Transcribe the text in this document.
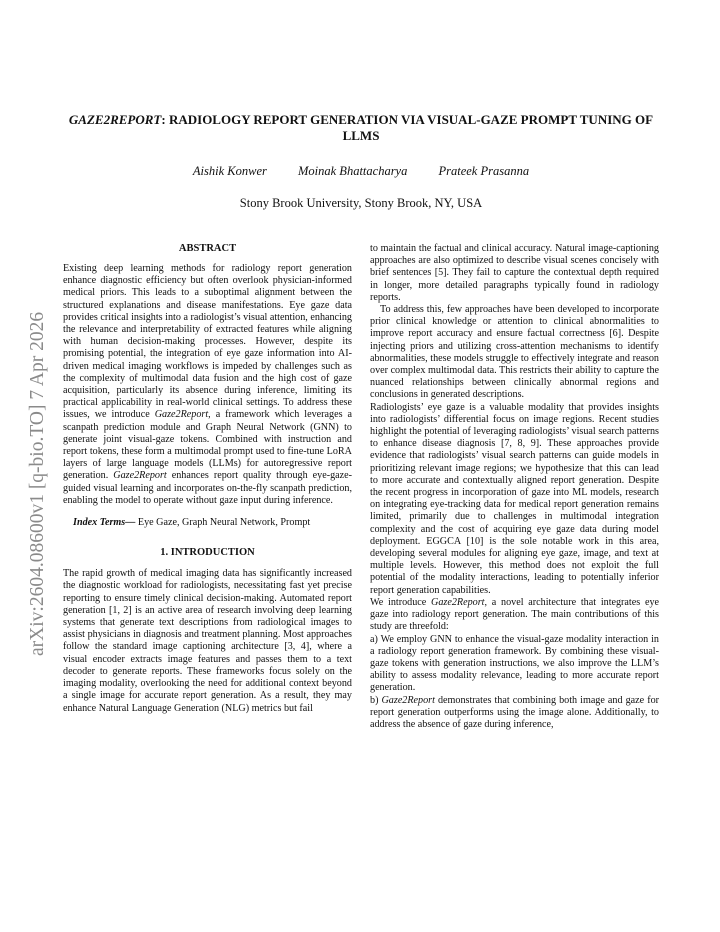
arXiv:2604.08600v1 [q-bio.TO] 7 Apr 2026
GAZE2REPORT: RADIOLOGY REPORT GENERATION VIA VISUAL-GAZE PROMPT TUNING OF LLMS
Aishik Konwer Moinak Bhattacharya Prateek Prasanna
Stony Brook University, Stony Brook, NY, USA
ABSTRACT

Existing deep learning methods for radiology report generation enhance diagnostic efficiency but often overlook physician-informed medical priors. This leads to a suboptimal alignment between the structured explanations and disease manifestations. Eye gaze data provides critical insights into a radiologist’s visual attention, enhancing the relevance and interpretability of extracted features while aligning with human decision-making processes. However, despite its promising potential, the integration of eye gaze information into AI-driven medical imaging workflows is impeded by challenges such as the complexity of multimodal data fusion and the high cost of gaze acquisition, particularly its absence during inference, limiting its practical applicability in real-world clinical settings. To address these issues, we introduce Gaze2Report, a framework which leverages a scanpath prediction module and Graph Neural Network (GNN) to generate joint visual-gaze tokens. Combined with instruction and report tokens, these form a multimodal prompt used to fine-tune LoRA layers of large language models (LLMs) for autoregressive report generation. Gaze2Report enhances report quality through eye-gaze-guided visual learning and incorporates on-the-fly scanpath prediction, enabling the model to operate without gaze input during inference.

Index Terms— Eye Gaze, Graph Neural Network, Prompt

1. INTRODUCTION

The rapid growth of medical imaging data has significantly increased the diagnostic workload for radiologists, necessitating fast yet precise reporting to ensure timely clinical decision-making. Automated report generation [1, 2] is an active area of research involving deep learning systems that generate text descriptions from radiological images to assist physicians in diagnosis and treatment planning. Most approaches follow the standard image captioning architecture [3, 4], where a visual encoder extracts image features and passes them to a text decoder to generate reports. These frameworks focus solely on the imaging modality, overlooking the need for additional context beyond a single image for accurate report generation. As a result, they may enhance Natural Language Generation (NLG) metrics but fail

to maintain the factual and clinical accuracy. Natural image-captioning approaches are also optimized to describe visual scenes concisely with brief sentences [5]. They fail to capture the contextual depth required in longer, more detailed paragraphs typically found in radiology reports.

To address this, few approaches have been developed to incorporate prior clinical knowledge or attention to clinical abnormalities to improve report accuracy and ensure factual correctness [6]. Despite injecting priors and utilizing cross-attention mechanisms to identify abnormalities, these models struggle to effectively integrate and reason over complex multimodal data. This restricts their ability to capture the nuanced relationships between clinically abnormal regions and conclusions in generated descriptions.

Radiologists’ eye gaze is a valuable modality that provides insights into radiologists’ differential focus on image regions. Recent studies highlight the potential of leveraging radiologists’ visual search patterns to enhance disease diagnosis [7, 8, 9]. These approaches provide evidence that radiologists’ visual search patterns can guide models in prioritizing relevant image regions; we hypothesize that this can lead to more accurate and contextually aligned report generation. Despite the recent progress in incorporation of gaze into ML models, research on integrating eye-tracking data for medical report generation remains limited, primarily due to challenges in multimodal integration complexity and the cost of acquiring eye gaze data during model deployment. EGGCA [10] is the sole notable work in this area, developing several modules for aligning eye gaze, image, and text at multiple levels. However, this method does not exploit the full potential of the modality interactions, leading to potentially inferior report generation capabilities.

We introduce Gaze2Report, a novel architecture that integrates eye gaze into radiology report generation. The main contributions of this study are threefold:

a) We employ GNN to enhance the visual-gaze modality interaction in a radiology report generation framework. By combining these visual-gaze tokens with generation instructions, we also improve the LLM’s ability to assess modality relevance, leading to more accurate report generation.

b) Gaze2Report demonstrates that combining both image and gaze for report generation outperforms using the image alone. Additionally, to address the absence of gaze during inference,
